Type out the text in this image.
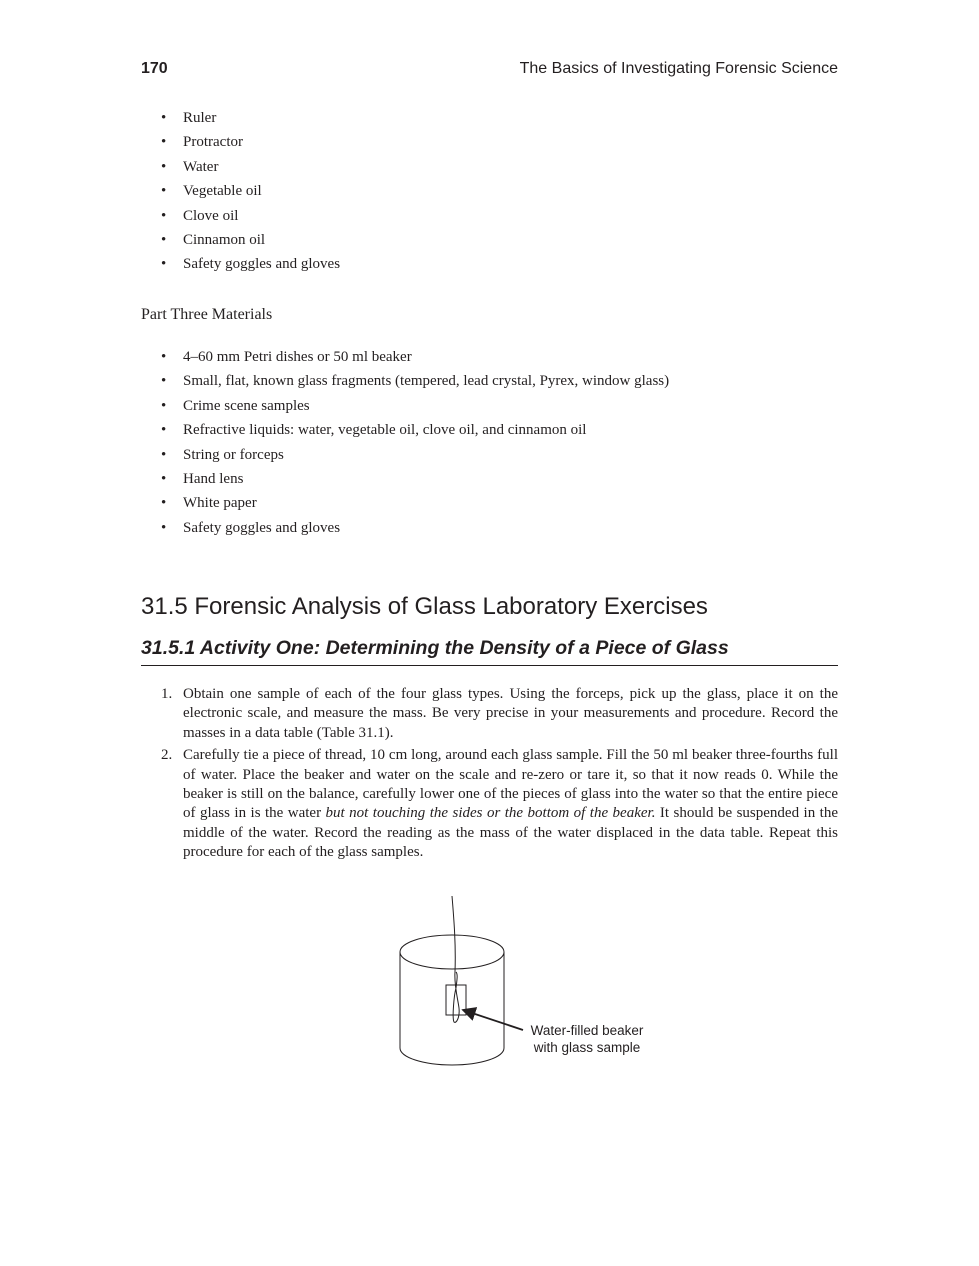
170	The Basics of Investigating Forensic Science
• Ruler
• Protractor
• Water
• Vegetable oil
• Clove oil
• Cinnamon oil
• Safety goggles and gloves
Part Three Materials
• 4–60 mm Petri dishes or 50 ml beaker
• Small, flat, known glass fragments (tempered, lead crystal, Pyrex, window glass)
• Crime scene samples
• Refractive liquids: water, vegetable oil, clove oil, and cinnamon oil
• String or forceps
• Hand lens
• White paper
• Safety goggles and gloves
31.5 Forensic Analysis of Glass Laboratory Exercises
31.5.1 Activity One: Determining the Density of a Piece of Glass
1. Obtain one sample of each of the four glass types. Using the forceps, pick up the glass, place it on the electronic scale, and measure the mass. Be very precise in your measurements and procedure. Record the masses in a data table (Table 31.1).
2. Carefully tie a piece of thread, 10 cm long, around each glass sample. Fill the 50 ml beaker three-fourths full of water. Place the beaker and water on the scale and re-zero or tare it, so that it now reads 0. While the beaker is still on the balance, carefully lower one of the pieces of glass into the water so that the entire piece of glass in is the water but not touching the sides or the bottom of the beaker. It should be suspended in the middle of the water. Record the reading as the mass of the water displaced in the data table. Repeat this procedure for each of the glass samples.
Water-filled beaker
with glass sample
